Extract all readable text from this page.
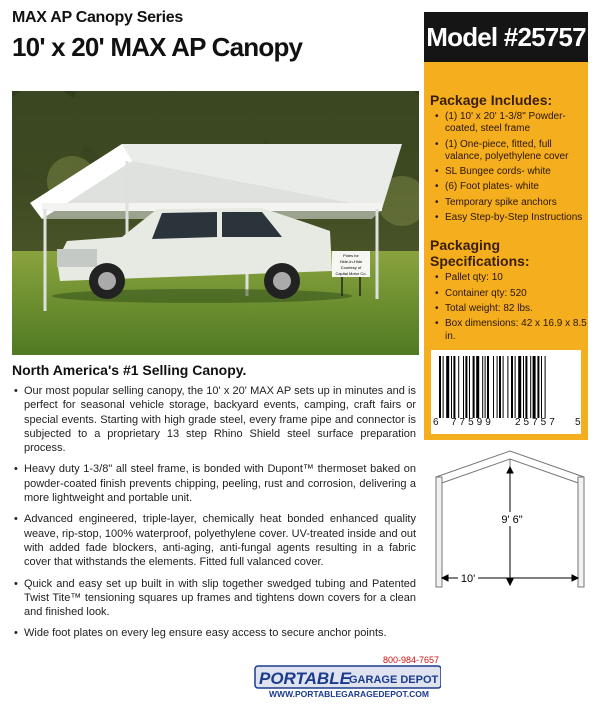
MAX AP Canopy Series
10' x 20' MAX AP Canopy
Poles for
Hide-In-Hide
Courtesy of
Capital Motor Co.
North America's #1 Selling Canopy.
• Our most popular selling canopy, the 10' x 20' MAX AP sets up in minutes and is perfect for seasonal vehicle storage, backyard events, camping, craft fairs or special events. Starting with high grade steel, every frame pipe and connector is subjected to a proprietary 13 step Rhino Shield steel surface preparation process.
• Heavy duty 1-3/8" all steel frame, is bonded with Dupont™ thermoset baked on powder-coated finish prevents chipping, peeling, rust and corrosion, delivering a more lightweight and portable unit.
• Advanced engineered, triple-layer, chemically heat bonded enhanced quality weave, rip-stop, 100% waterproof, polyethylene cover. UV-treated inside and out with added fade blockers, anti-aging, anti-fungal agents resulting in a fabric cover that withstands the elements. Fitted full valanced cover.
• Quick and easy set up built in with slip together swedged tubing and Patented Twist Tite™ tensioning squares up frames and tightens down covers for a clean and finished look.
• Wide foot plates on every leg ensure easy access to secure anchor points.
Model #25757
Package Includes:
• (1) 10' x 20' 1-3/8" Powder-coated, steel frame
• (1) One-piece, fitted, full valance, polyethylene cover
• SL Bungee cords- white
• (6) Foot plates- white
• Temporary spike anchors
• Easy Step-by-Step Instructions
Packaging Specifications:
• Pallet qty: 10
• Container qty: 520
• Total weight: 82 lbs.
• Box dimensions: 42 x 16.9 x 8.5 in.
6 77599 25757 5
9' 6"
10'
800-984-7657
PORTABLE
GARAGE DEPOT
WWW.PORTABLEGARAGEDEPOT.COM
